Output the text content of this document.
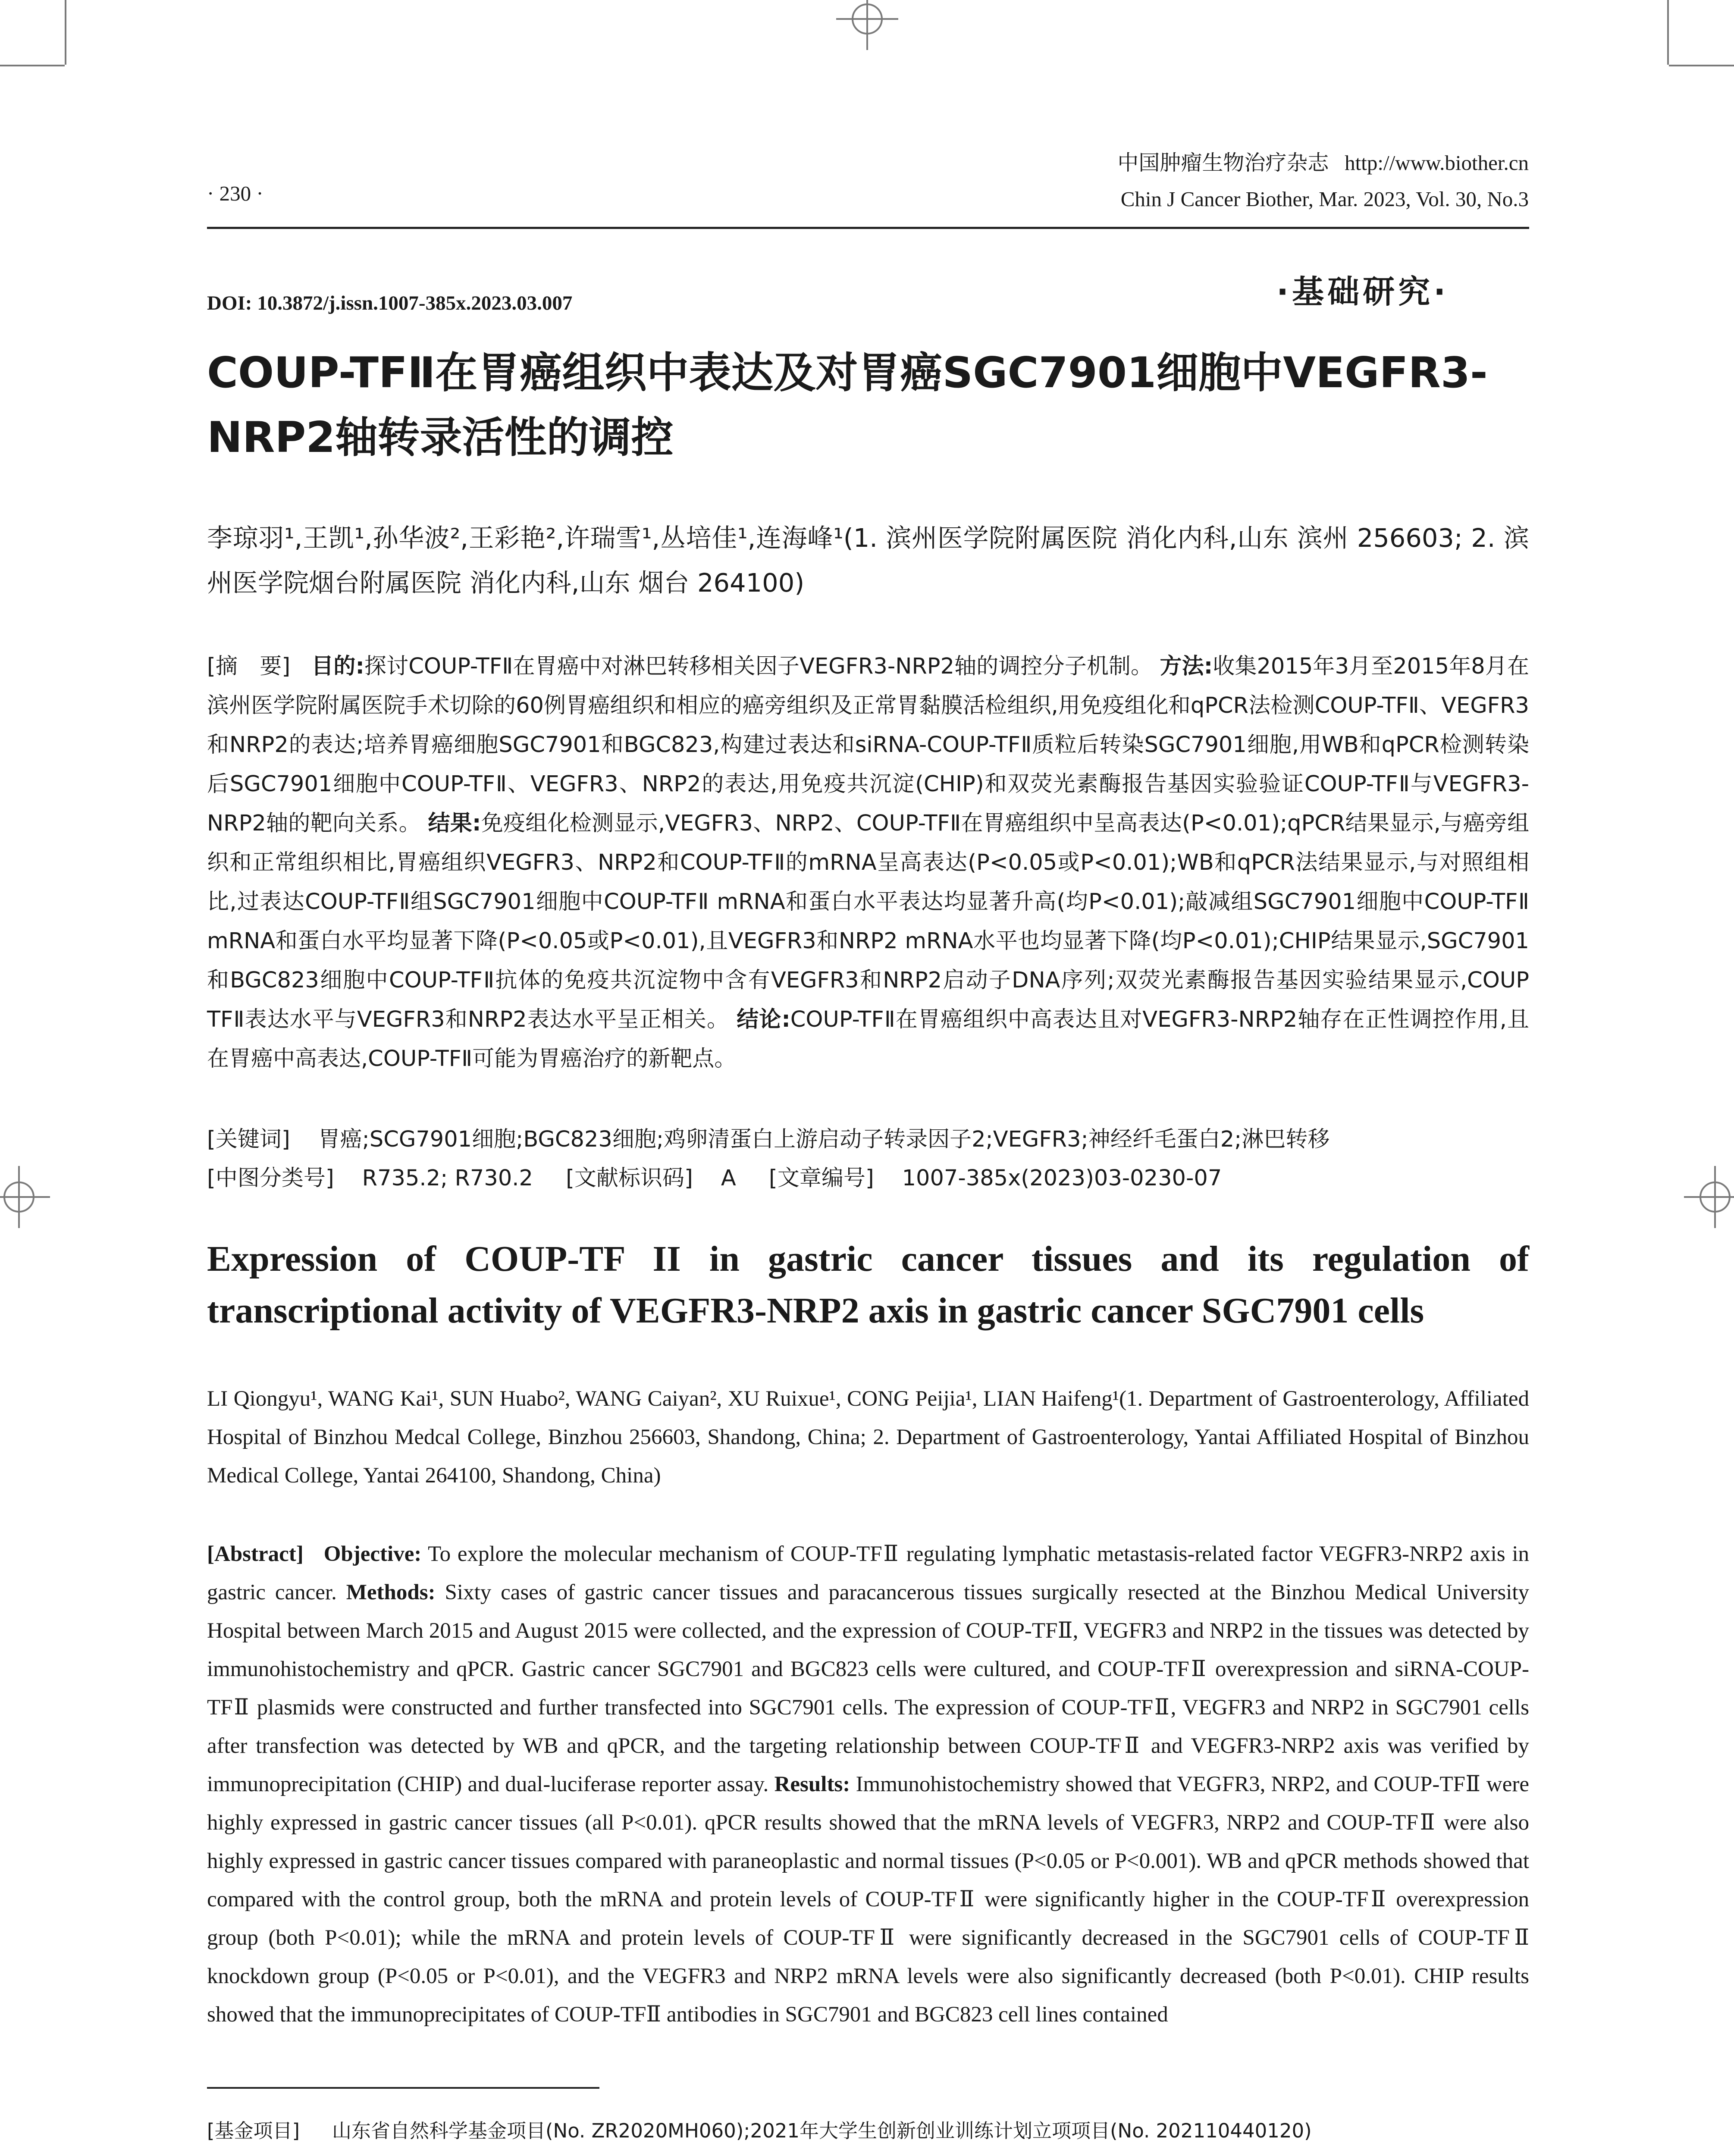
中国肿瘤生物治疗杂志 http://www.biother.cn
Chin J Cancer Biother, Mar. 2023, Vol. 30, No.3
· 230 ·
DOI: 10.3872/j.issn.1007-385x.2023.03.007	·基础研究·
COUP-TFⅡ在胃癌组织中表达及对胃癌SGC7901细胞中VEGFR3-NRP2轴转录活性的调控
李琼羽¹,王凯¹,孙华波²,王彩艳²,许瑞雪¹,丛培佳¹,连海峰¹(1. 滨州医学院附属医院 消化内科,山东 滨州 256603; 2. 滨州医学院烟台附属医院 消化内科,山东 烟台 264100)
[摘　要] 目的:探讨COUP-TFⅡ在胃癌中对淋巴转移相关因子VEGFR3-NRP2轴的调控分子机制。 方法:收集2015年3月至2015年8月在滨州医学院附属医院手术切除的60例胃癌组织和相应的癌旁组织及正常胃黏膜活检组织,用免疫组化和qPCR法检测COUP-TFⅡ、VEGFR3和NRP2的表达;培养胃癌细胞SGC7901和BGC823,构建过表达和siRNA-COUP-TFⅡ质粒后转染SGC7901细胞,用WB和qPCR检测转染后SGC7901细胞中COUP-TFⅡ、VEGFR3、NRP2的表达,用免疫共沉淀(CHIP)和双荧光素酶报告基因实验验证COUP-TFⅡ与VEGFR3-NRP2轴的靶向关系。 结果:免疫组化检测显示,VEGFR3、NRP2、COUP-TFⅡ在胃癌组织中呈高表达(P<0.01);qPCR结果显示,与癌旁组织和正常组织相比,胃癌组织VEGFR3、NRP2和COUP-TFⅡ的mRNA呈高表达(P<0.05或P<0.01);WB和qPCR法结果显示,与对照组相比,过表达COUP-TFⅡ组SGC7901细胞中COUP-TFⅡ mRNA和蛋白水平表达均显著升高(均P<0.01);敲减组SGC7901细胞中COUP-TFⅡ mRNA和蛋白水平均显著下降(P<0.05或P<0.01),且VEGFR3和NRP2 mRNA水平也均显著下降(均P<0.01);CHIP结果显示,SGC7901和BGC823细胞中COUP-TFⅡ抗体的免疫共沉淀物中含有VEGFR3和NRP2启动子DNA序列;双荧光素酶报告基因实验结果显示,COUP TFⅡ表达水平与VEGFR3和NRP2表达水平呈正相关。 结论:COUP-TFⅡ在胃癌组织中高表达且对VEGFR3-NRP2轴存在正性调控作用,且在胃癌中高表达,COUP-TFⅡ可能为胃癌治疗的新靶点。
[关键词] 胃癌;SCG7901细胞;BGC823细胞;鸡卵清蛋白上游启动子转录因子2;VEGFR3;神经纤毛蛋白2;淋巴转移
[中图分类号] R735.2; R730.2 [文献标识码] A [文章编号] 1007-385x(2023)03-0230-07
Expression of COUP-TF II in gastric cancer tissues and its regulation of transcriptional activity of VEGFR3-NRP2 axis in gastric cancer SGC7901 cells
LI Qiongyu¹, WANG Kai¹, SUN Huabo², WANG Caiyan², XU Ruixue¹, CONG Peijia¹, LIAN Haifeng¹(1. Department of Gastroenterology, Affiliated Hospital of Binzhou Medcal College, Binzhou 256603, Shandong, China; 2. Department of Gastroenterology, Yantai Affiliated Hospital of Binzhou Medical College, Yantai 264100, Shandong, China)
[Abstract] Objective: To explore the molecular mechanism of COUP-TFⅡ regulating lymphatic metastasis-related factor VEGFR3-NRP2 axis in gastric cancer. Methods: Sixty cases of gastric cancer tissues and paracancerous tissues surgically resected at the Binzhou Medical University Hospital between March 2015 and August 2015 were collected, and the expression of COUP-TFⅡ, VEGFR3 and NRP2 in the tissues was detected by immunohistochemistry and qPCR. Gastric cancer SGC7901 and BGC823 cells were cultured, and COUP-TFⅡ overexpression and siRNA-COUP-TFⅡ plasmids were constructed and further transfected into SGC7901 cells. The expression of COUP-TFⅡ, VEGFR3 and NRP2 in SGC7901 cells after transfection was detected by WB and qPCR, and the targeting relationship between COUP-TFⅡ and VEGFR3-NRP2 axis was verified by immunoprecipitation (CHIP) and dual-luciferase reporter assay. Results: Immunohistochemistry showed that VEGFR3, NRP2, and COUP-TFⅡ were highly expressed in gastric cancer tissues (all P<0.01). qPCR results showed that the mRNA levels of VEGFR3, NRP2 and COUP-TFⅡ were also highly expressed in gastric cancer tissues compared with paraneoplastic and normal tissues (P<0.05 or P<0.001). WB and qPCR methods showed that compared with the control group, both the mRNA and protein levels of COUP-TFⅡ were significantly higher in the COUP-TFⅡ overexpression group (both P<0.01); while the mRNA and protein levels of COUP-TFⅡ were significantly decreased in the SGC7901 cells of COUP-TFⅡ knockdown group (P<0.05 or P<0.01), and the VEGFR3 and NRP2 mRNA levels were also significantly decreased (both P<0.01). CHIP results showed that the immunoprecipitates of COUP-TFⅡ antibodies in SGC7901 and BGC823 cell lines contained
[基金项目] 山东省自然科学基金项目(No. ZR2020MH060);2021年大学生创新创业训练计划立项项目(No. 202110440120)
